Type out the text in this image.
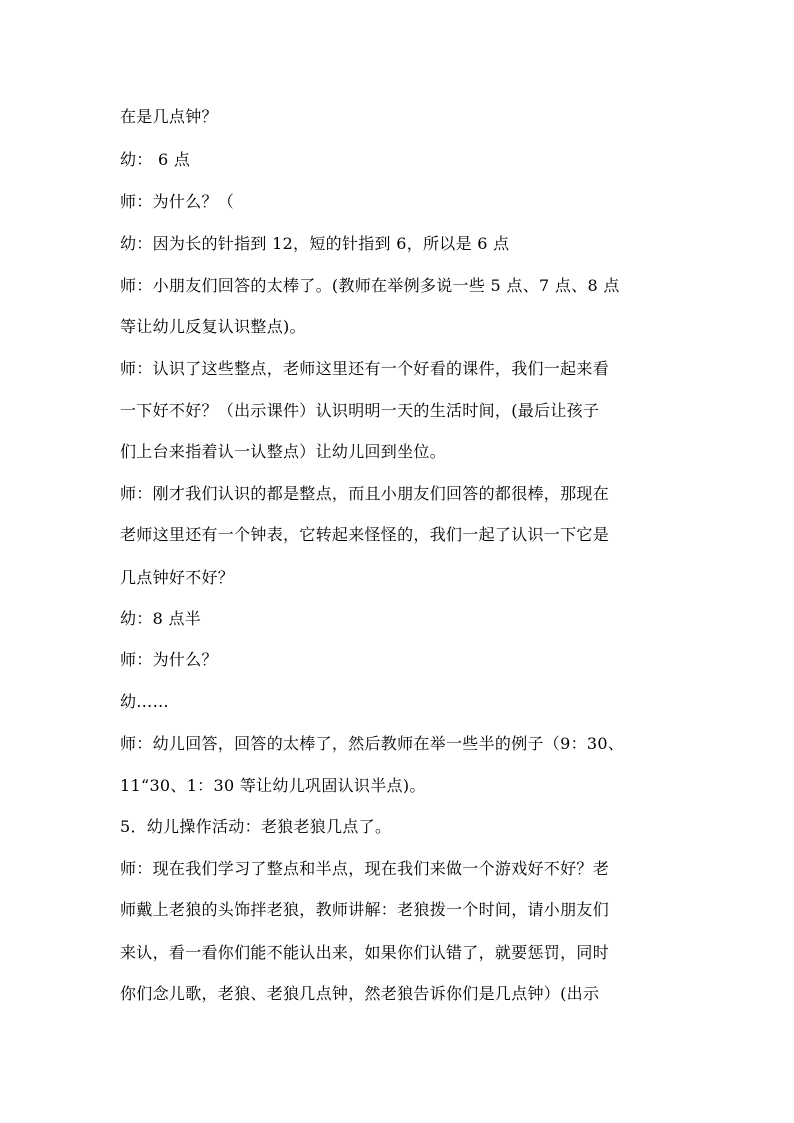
在是几点钟？

幼： 6 点

师：为什么？（

幼：因为长的针指到 12，短的针指到 6，所以是 6 点

师：小朋友们回答的太棒了。(教师在举例多说一些 5 点、7 点、8 点

等让幼儿反复认识整点)。

师：认识了这些整点，老师这里还有一个好看的课件，我们一起来看

一下好不好？（出示课件）认识明明一天的生活时间，(最后让孩子

们上台来指着认一认整点）让幼儿回到坐位。

师：刚才我们认识的都是整点，而且小朋友们回答的都很棒，那现在

老师这里还有一个钟表，它转起来怪怪的，我们一起了认识一下它是

几点钟好不好？

幼：8 点半

师：为什么？

幼……

师：幼儿回答，回答的太棒了，然后教师在举一些半的例子（9：30、

11“30、1：30 等让幼儿巩固认识半点)。

5．幼儿操作活动：老狼老狼几点了。

师：现在我们学习了整点和半点，现在我们来做一个游戏好不好？老

师戴上老狼的头饰拌老狼，教师讲解：老狼拨一个时间，请小朋友们

来认，看一看你们能不能认出来，如果你们认错了，就要惩罚，同时

你们念儿歌，老狼、老狼几点钟，然老狼告诉你们是几点钟）(出示
